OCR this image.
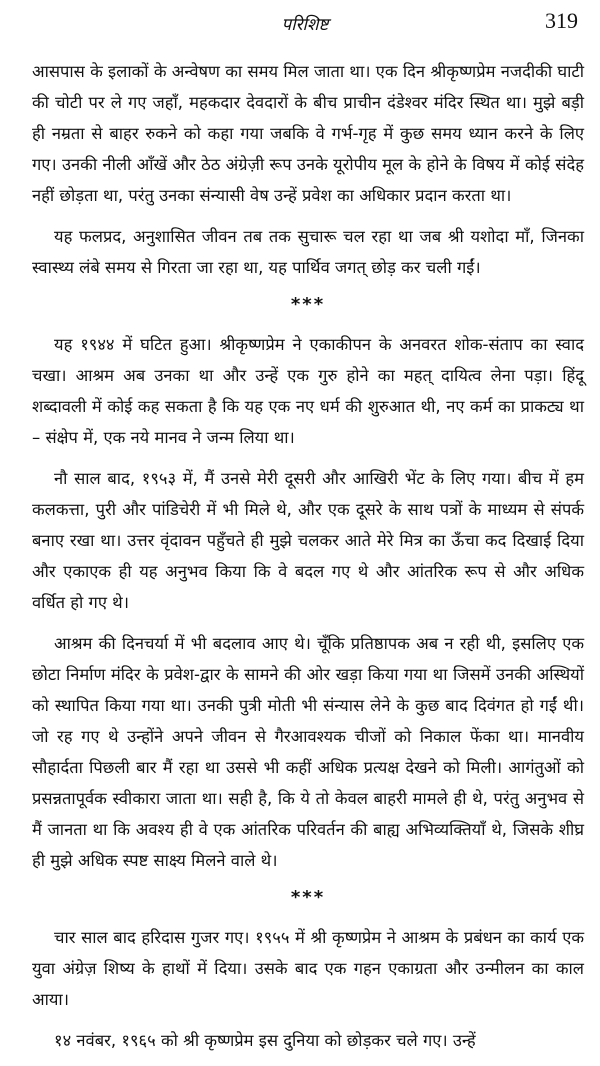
परिशिष्ट	319

आसपास के इलाकों के अन्वेषण का समय मिल जाता था। एक दिन श्रीकृष्णप्रेम नजदीकी घाटी की चोटी पर ले गए जहाँ, महकदार देवदारों के बीच प्राचीन दंडेश्वर मंदिर स्थित था। मुझे बड़ी ही नम्रता से बाहर रुकने को कहा गया जबकि वे गर्भ-गृह में कुछ समय ध्यान करने के लिए गए। उनकी नीली आँखें और ठेठ अंग्रेज़ी रूप उनके यूरोपीय मूल के होने के विषय में कोई संदेह नहीं छोड़ता था, परंतु उनका संन्यासी वेष उन्हें प्रवेश का अधिकार प्रदान करता था।

यह फलप्रद, अनुशासित जीवन तब तक सुचारू चल रहा था जब श्री यशोदा माँ, जिनका स्वास्थ्य लंबे समय से गिरता जा रहा था, यह पार्थिव जगत् छोड़ कर चली गईं।

***

यह १९४४ में घटित हुआ। श्रीकृष्णप्रेम ने एकाकीपन के अनवरत शोक-संताप का स्वाद चखा। आश्रम अब उनका था और उन्हें एक गुरु होने का महत् दायित्व लेना पड़ा। हिंदू शब्दावली में कोई कह सकता है कि यह एक नए धर्म की शुरुआत थी, नए कर्म का प्राकट्य था – संक्षेप में, एक नये मानव ने जन्म लिया था।

नौ साल बाद, १९५३ में, मैं उनसे मेरी दूसरी और आखिरी भेंट के लिए गया। बीच में हम कलकत्ता, पुरी और पांडिचेरी में भी मिले थे, और एक दूसरे के साथ पत्रों के माध्यम से संपर्क बनाए रखा था। उत्तर वृंदावन पहुँचते ही मुझे चलकर आते मेरे मित्र का ऊँचा कद दिखाई दिया और एकाएक ही यह अनुभव किया कि वे बदल गए थे और आंतरिक रूप से और अधिक वर्धित हो गए थे।

आश्रम की दिनचर्या में भी बदलाव आए थे। चूँकि प्रतिष्ठापक अब न रही थी, इसलिए एक छोटा निर्माण मंदिर के प्रवेश-द्वार के सामने की ओर खड़ा किया गया था जिसमें उनकी अस्थियों को स्थापित किया गया था। उनकी पुत्री मोती भी संन्यास लेने के कुछ बाद दिवंगत हो गईं थी। जो रह गए थे उन्होंने अपने जीवन से गैरआवश्यक चीजों को निकाल फेंका था। मानवीय सौहार्दता पिछली बार मैं रहा था उससे भी कहीं अधिक प्रत्यक्ष देखने को मिली। आगंतुओं को प्रसन्नतापूर्वक स्वीकारा जाता था। सही है, कि ये तो केवल बाहरी मामले ही थे, परंतु अनुभव से मैं जानता था कि अवश्य ही वे एक आंतरिक परिवर्तन की बाह्य अभिव्यक्तियाँ थे, जिसके शीघ्र ही मुझे अधिक स्पष्ट साक्ष्य मिलने वाले थे।

***

चार साल बाद हरिदास गुजर गए। १९५५ में श्री कृष्णप्रेम ने आश्रम के प्रबंधन का कार्य एक युवा अंग्रेज़ शिष्य के हाथों में दिया। उसके बाद एक गहन एकाग्रता और उन्मीलन का काल आया।

१४ नवंबर, १९६५ को श्री कृष्णप्रेम इस दुनिया को छोड़कर चले गए। उन्हें
